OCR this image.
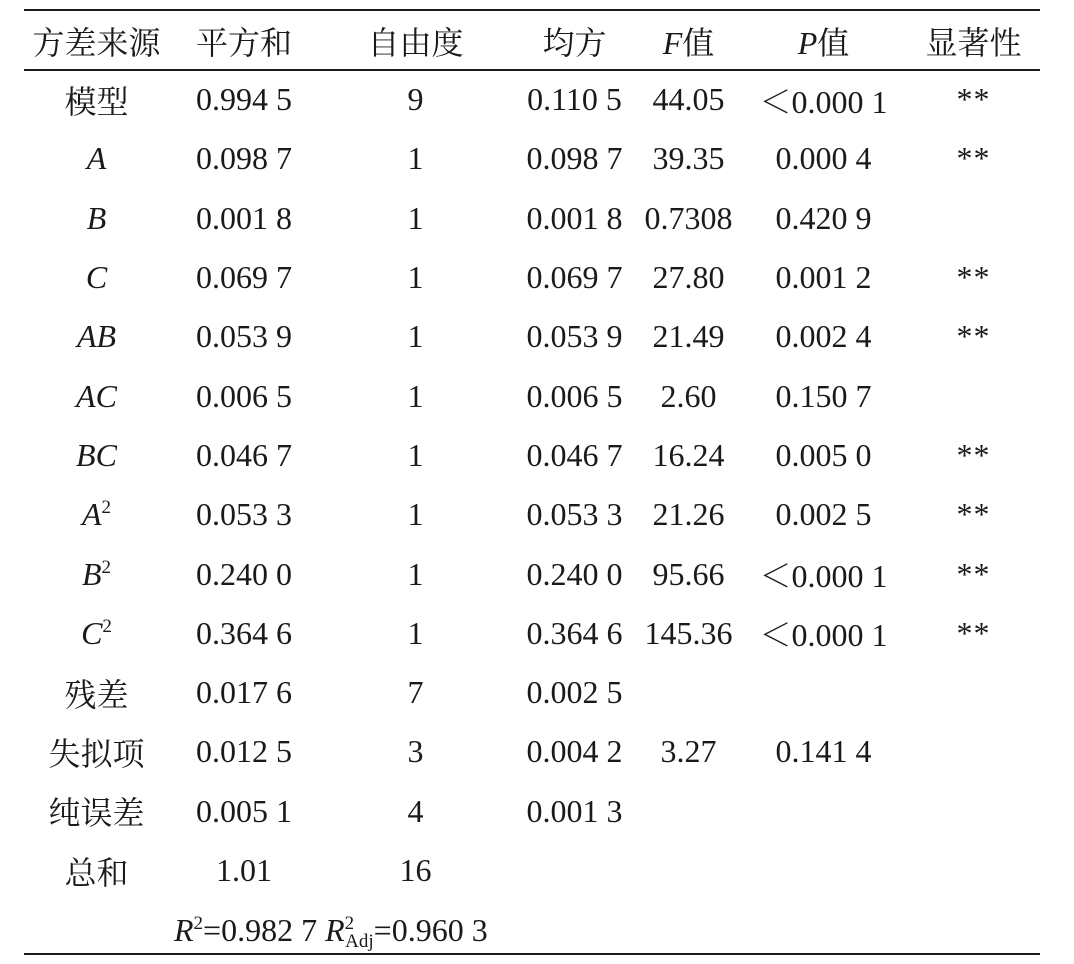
方差来源	平方和	自由度	均方	F值	P值	显著性
模型	0.994 5	9	0.110 5	44.05	＜0.000 1	**
A	0.098 7	1	0.098 7	39.35	0.000 4	**
B	0.001 8	1	0.001 8	0.7308	0.420 9	
C	0.069 7	1	0.069 7	27.80	0.001 2	**
AB	0.053 9	1	0.053 9	21.49	0.002 4	**
AC	0.006 5	1	0.006 5	2.60	0.150 7	
BC	0.046 7	1	0.046 7	16.24	0.005 0	**
$A^2$	0.053 3	1	0.053 3	21.26	0.002 5	**
$B^2$	0.240 0	1	0.240 0	95.66	＜0.000 1	**
$C^2$	0.364 6	1	0.364 6	145.36	＜0.000 1	**
残差	0.017 6	7	0.002 5			
失拟项	0.012 5	3	0.004 2	3.27	0.141 4	
纯误差	0.005 1	4	0.001 3			
总和	1.01	16				
$R^2=0.982$ 7 $R^2_{Adj}=0.960$ 3
